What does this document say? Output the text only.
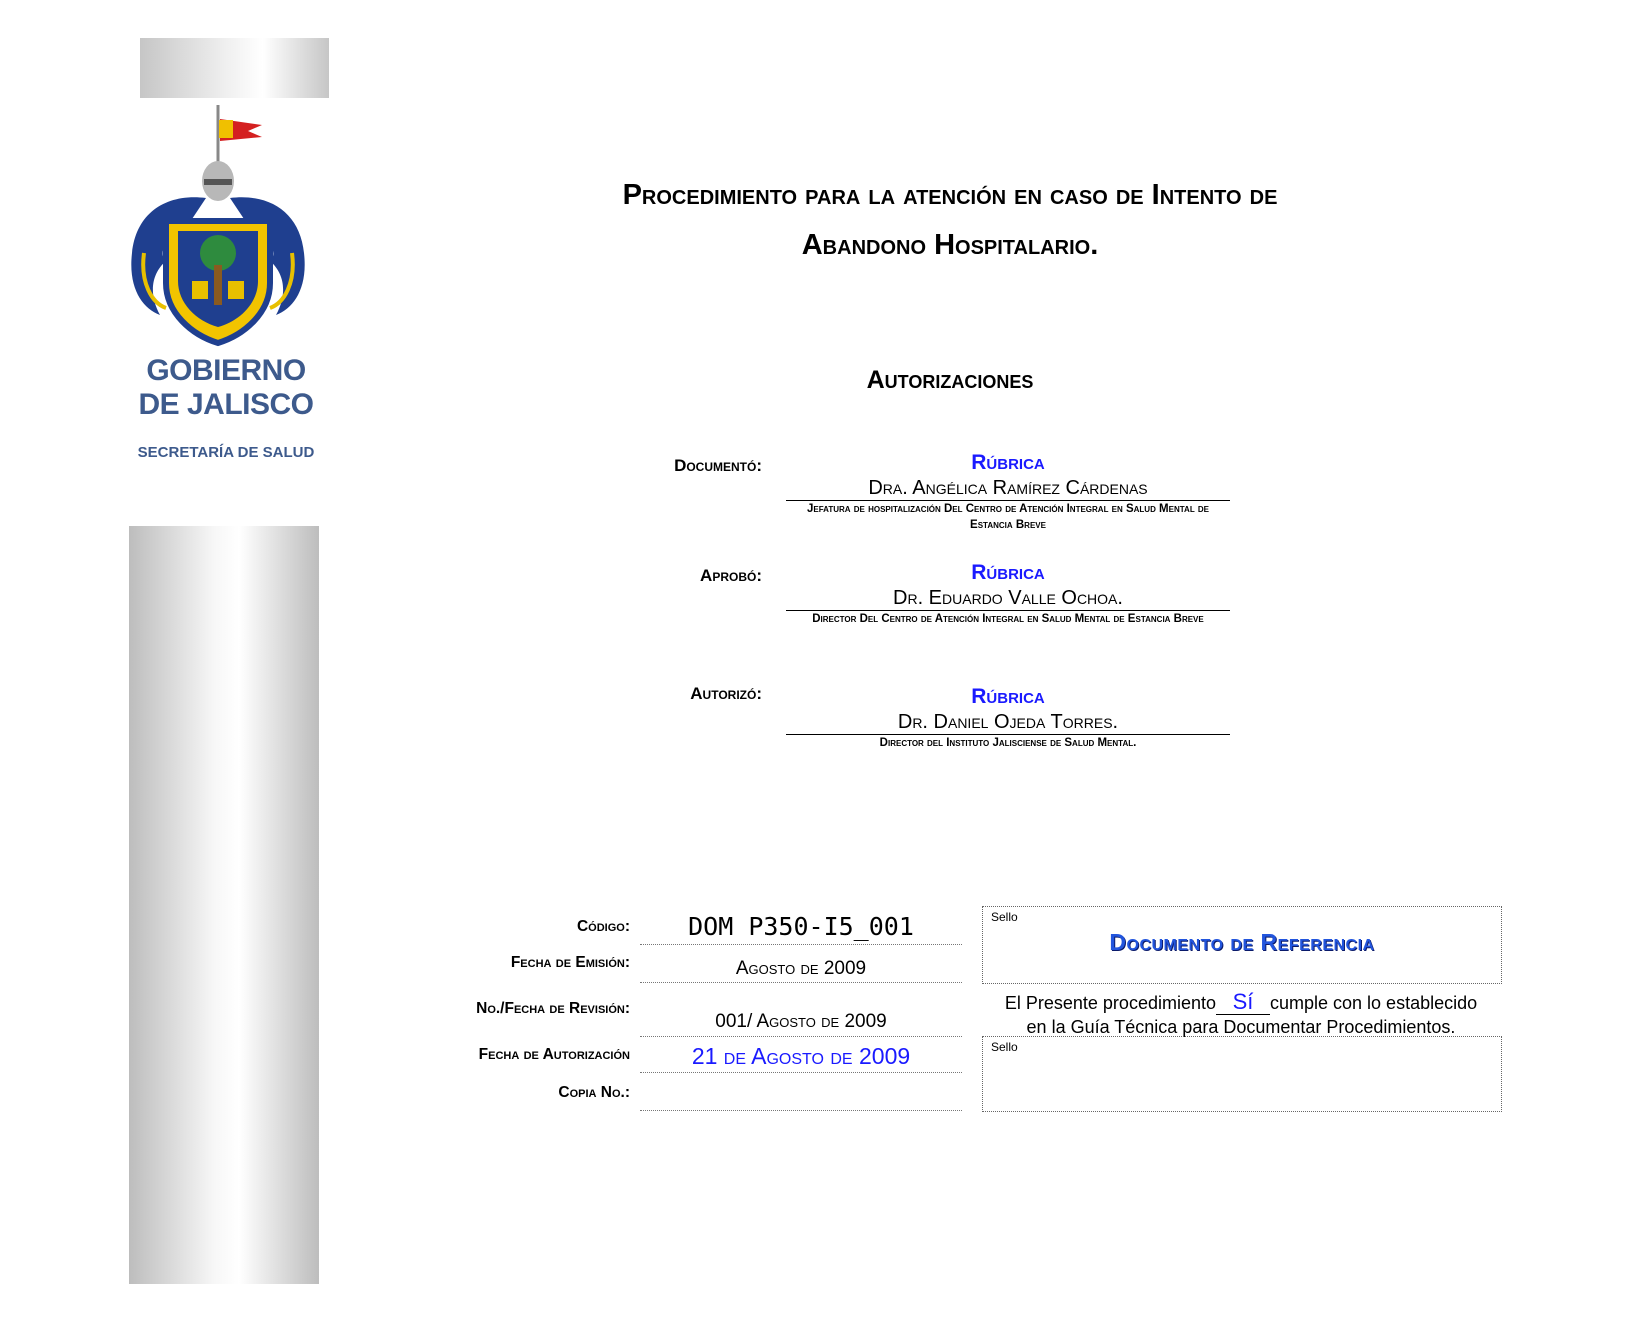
GOBIERNO
DE JALISCO
SECRETARÍA DE SALUD
Procedimiento para la atención en caso de Intento de
Abandono Hospitalario.
Autorizaciones
Documentó:	Rúbrica
Dra. Angélica Ramírez Cárdenas
Jefatura de hospitalización Del Centro de Atención Integral en Salud Mental de Estancia Breve
Aprobó:	Rúbrica
Dr. Eduardo Valle Ochoa.
Director Del Centro de Atención Integral en Salud Mental de Estancia Breve
Autorizó:	Rúbrica
Dr. Daniel Ojeda Torres.
Director del Instituto Jalisciense de Salud Mental.
Código:	DOM P350-I5_001
Fecha de Emisión:	Agosto de 2009
No./Fecha de Revisión:
001/ Agosto de 2009
Fecha de Autorización	21 de Agosto de 2009
Copia No.:
Sello
Documento de Referencia
El Presente procedimiento Sí cumple con lo establecido
en la Guía Técnica para Documentar Procedimientos.
Sello
